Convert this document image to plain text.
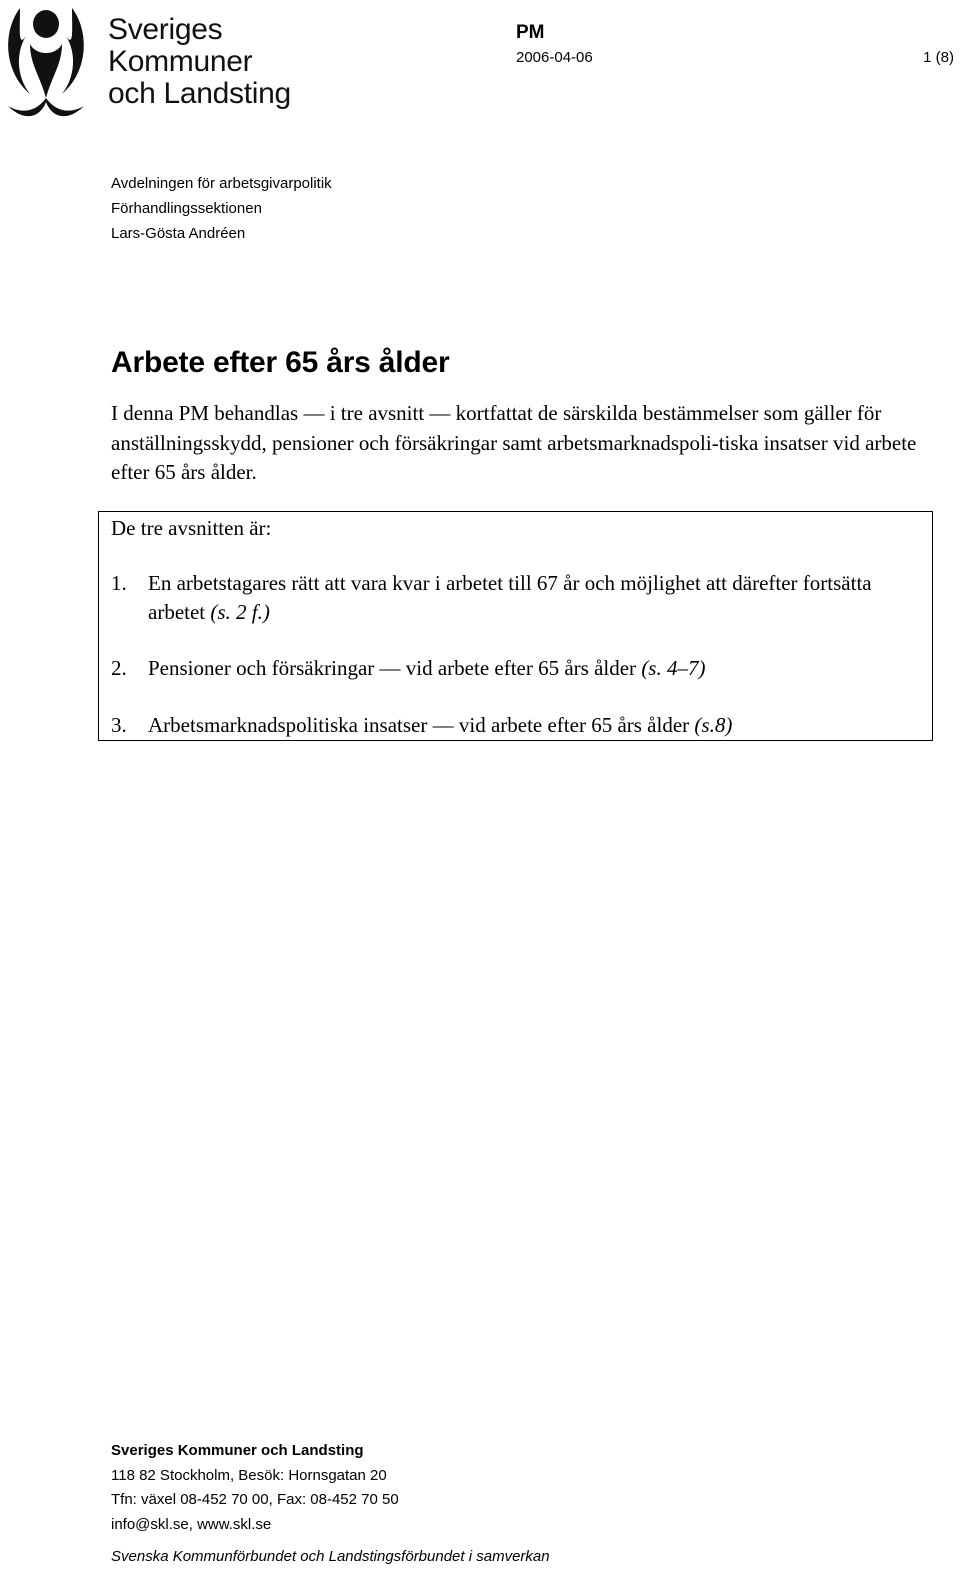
Sveriges
Kommuner
och Landsting
PM
2006-04-06	1 (8)
Avdelningen för arbetsgivarpolitik
Förhandlingssektionen
Lars-Gösta Andréen
Arbete efter 65 års ålder
I denna PM behandlas — i tre avsnitt — kortfattat de särskilda bestämmelser som gäller för anställningsskydd, pensioner och försäkringar samt arbetsmarknadspoli-tiska insatser vid arbete efter 65 års ålder.
De tre avsnitten är:
1. En arbetstagares rätt att vara kvar i arbetet till 67 år och möjlighet att därefter fortsätta arbetet (s. 2 f.)
2. Pensioner och försäkringar — vid arbete efter 65 års ålder (s. 4–7)
3. Arbetsmarknadspolitiska insatser — vid arbete efter 65 års ålder (s.8)
Sveriges Kommuner och Landsting
118 82 Stockholm, Besök: Hornsgatan 20
Tfn: växel 08-452 70 00, Fax: 08-452 70 50
info@skl.se, www.skl.se
Svenska Kommunförbundet och Landstingsförbundet i samverkan
